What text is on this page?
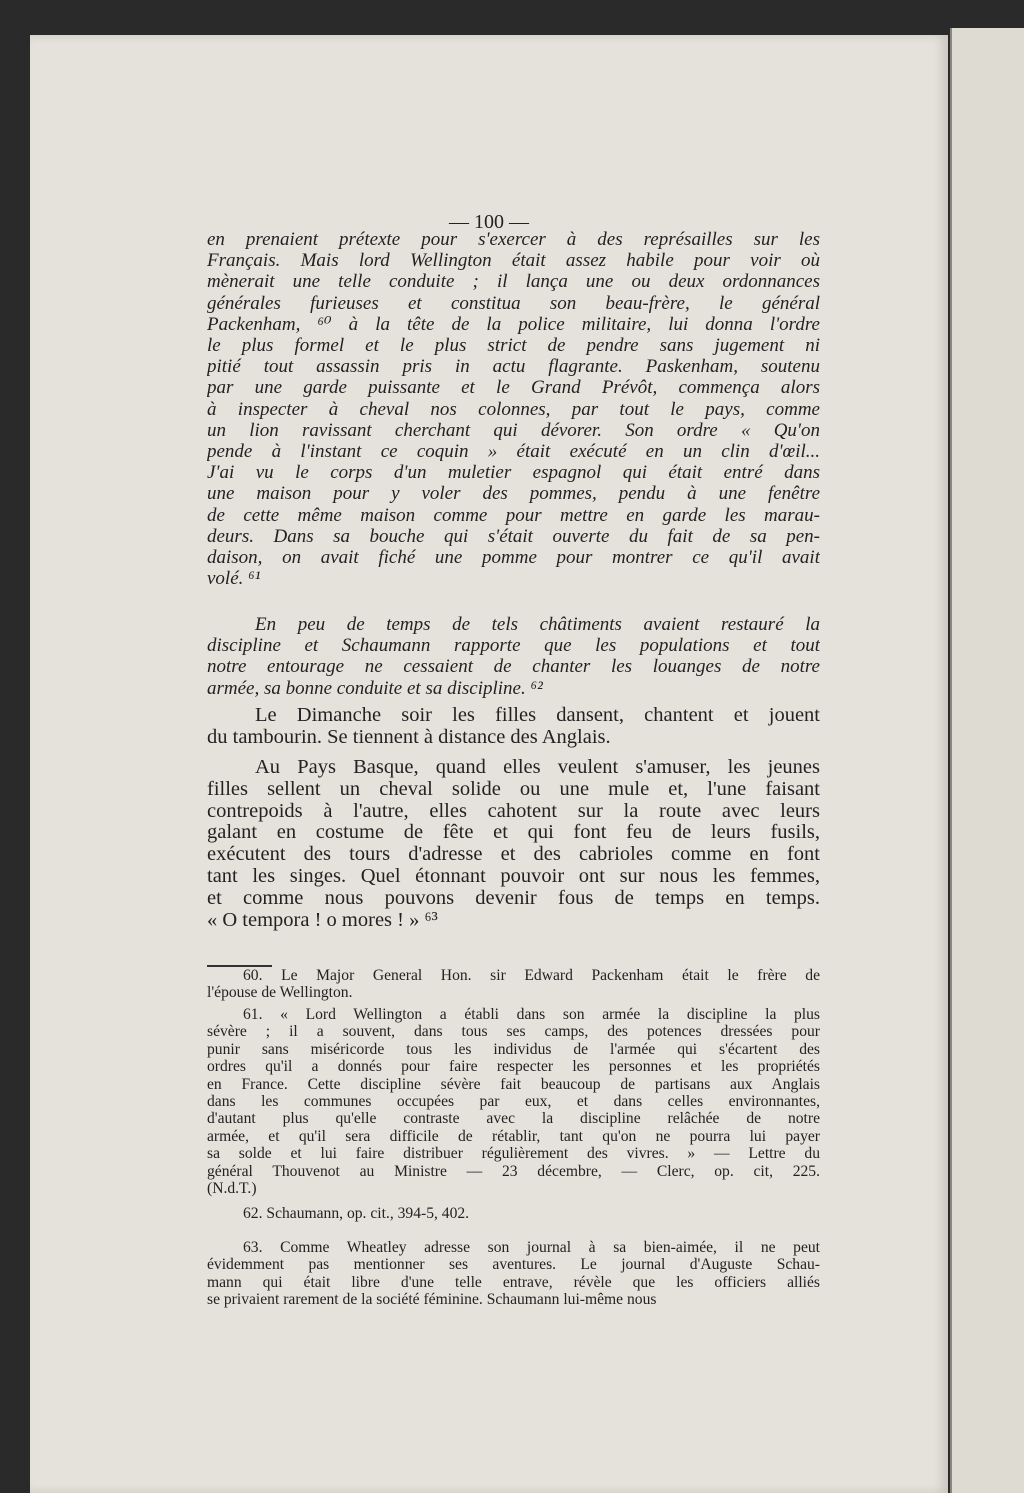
— 100 —
en prenaient prétexte pour s'exercer à des représailles sur les
Français. Mais lord Wellington était assez habile pour voir où
mènerait une telle conduite ; il lança une ou deux ordonnances
générales furieuses et constitua son beau-frère, le général
Packenham, ⁶⁰ à la tête de la police militaire, lui donna l'ordre
le plus formel et le plus strict de pendre sans jugement ni
pitié tout assassin pris in actu flagrante. Paskenham, soutenu
par une garde puissante et le Grand Prévôt, commença alors
à inspecter à cheval nos colonnes, par tout le pays, comme
un lion ravissant cherchant qui dévorer. Son ordre « Qu'on
pende à l'instant ce coquin » était exécuté en un clin d'œil...
J'ai vu le corps d'un muletier espagnol qui était entré dans
une maison pour y voler des pommes, pendu à une fenêtre
de cette même maison comme pour mettre en garde les marau-
deurs. Dans sa bouche qui s'était ouverte du fait de sa pen-
daison, on avait fiché une pomme pour montrer ce qu'il avait
volé. ⁶¹
En peu de temps de tels châtiments avaient restauré la
discipline et Schaumann rapporte que les populations et tout
notre entourage ne cessaient de chanter les louanges de notre
armée, sa bonne conduite et sa discipline. ⁶²
Le Dimanche soir les filles dansent, chantent et jouent
du tambourin. Se tiennent à distance des Anglais.
Au Pays Basque, quand elles veulent s'amuser, les jeunes
filles sellent un cheval solide ou une mule et, l'une faisant
contrepoids à l'autre, elles cahotent sur la route avec leurs
galant en costume de fête et qui font feu de leurs fusils,
exécutent des tours d'adresse et des cabrioles comme en font
tant les singes. Quel étonnant pouvoir ont sur nous les femmes,
et comme nous pouvons devenir fous de temps en temps.
« O tempora ! o mores ! » ⁶³
60. Le Major General Hon. sir Edward Packenham était le frère de
l'épouse de Wellington.
61. « Lord Wellington a établi dans son armée la discipline la plus
sévère ; il a souvent, dans tous ses camps, des potences dressées pour
punir sans miséricorde tous les individus de l'armée qui s'écartent des
ordres qu'il a donnés pour faire respecter les personnes et les propriétés
en France. Cette discipline sévère fait beaucoup de partisans aux Anglais
dans les communes occupées par eux, et dans celles environnantes,
d'autant plus qu'elle contraste avec la discipline relâchée de notre
armée, et qu'il sera difficile de rétablir, tant qu'on ne pourra lui payer
sa solde et lui faire distribuer régulièrement des vivres. » — Lettre du
général Thouvenot au Ministre — 23 décembre, — Clerc, op. cit, 225.
(N.d.T.)
62. Schaumann, op. cit., 394-5, 402.
63. Comme Wheatley adresse son journal à sa bien-aimée, il ne peut
évidemment pas mentionner ses aventures. Le journal d'Auguste Schau-
mann qui était libre d'une telle entrave, révèle que les officiers alliés
se privaient rarement de la société féminine. Schaumann lui-même nous
